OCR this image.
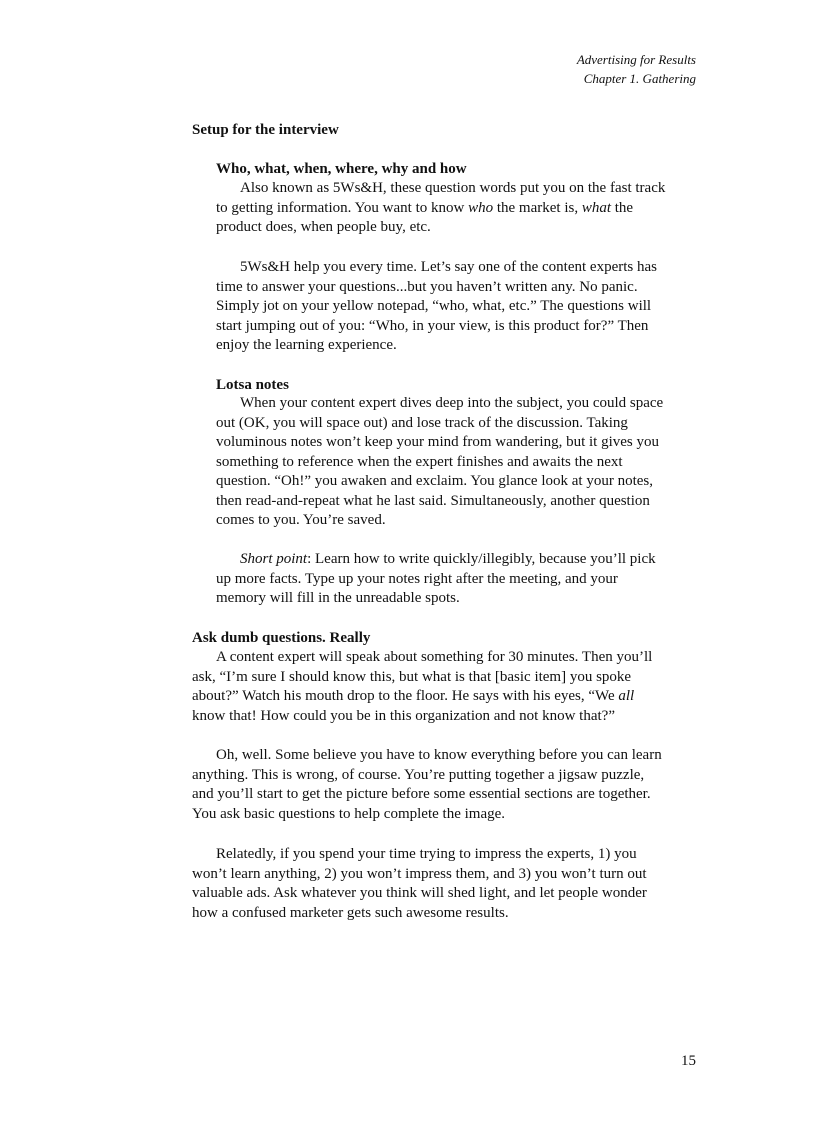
Advertising for Results
Chapter 1. Gathering
Setup for the interview
Who, what, when, where, why and how
Also known as 5Ws&H, these question words put you on the fast track
to getting information. You want to know who the market is, what the
product does, when people buy, etc.
5Ws&H help you every time. Let’s say one of the content experts has
time to answer your questions...but you haven’t written any. No panic.
Simply jot on your yellow notepad, “who, what, etc.” The questions will
start jumping out of you: “Who, in your view, is this product for?” Then
enjoy the learning experience.
Lotsa notes
When your content expert dives deep into the subject, you could space
out (OK, you will space out) and lose track of the discussion. Taking
voluminous notes won’t keep your mind from wandering, but it gives you
something to reference when the expert finishes and awaits the next
question. “Oh!” you awaken and exclaim. You glance look at your notes,
then read-and-repeat what he last said. Simultaneously, another question
comes to you. You’re saved.
Short point: Learn how to write quickly/illegibly, because you’ll pick
up more facts. Type up your notes right after the meeting, and your
memory will fill in the unreadable spots.
Ask dumb questions. Really
A content expert will speak about something for 30 minutes. Then you’ll
ask, “I’m sure I should know this, but what is that [basic item] you spoke
about?” Watch his mouth drop to the floor. He says with his eyes, “We all
know that! How could you be in this organization and not know that?”
Oh, well. Some believe you have to know everything before you can learn
anything. This is wrong, of course. You’re putting together a jigsaw puzzle,
and you’ll start to get the picture before some essential sections are together.
You ask basic questions to help complete the image.
Relatedly, if you spend your time trying to impress the experts, 1) you
won’t learn anything, 2) you won’t impress them, and 3) you won’t turn out
valuable ads. Ask whatever you think will shed light, and let people wonder
how a confused marketer gets such awesome results.
15
